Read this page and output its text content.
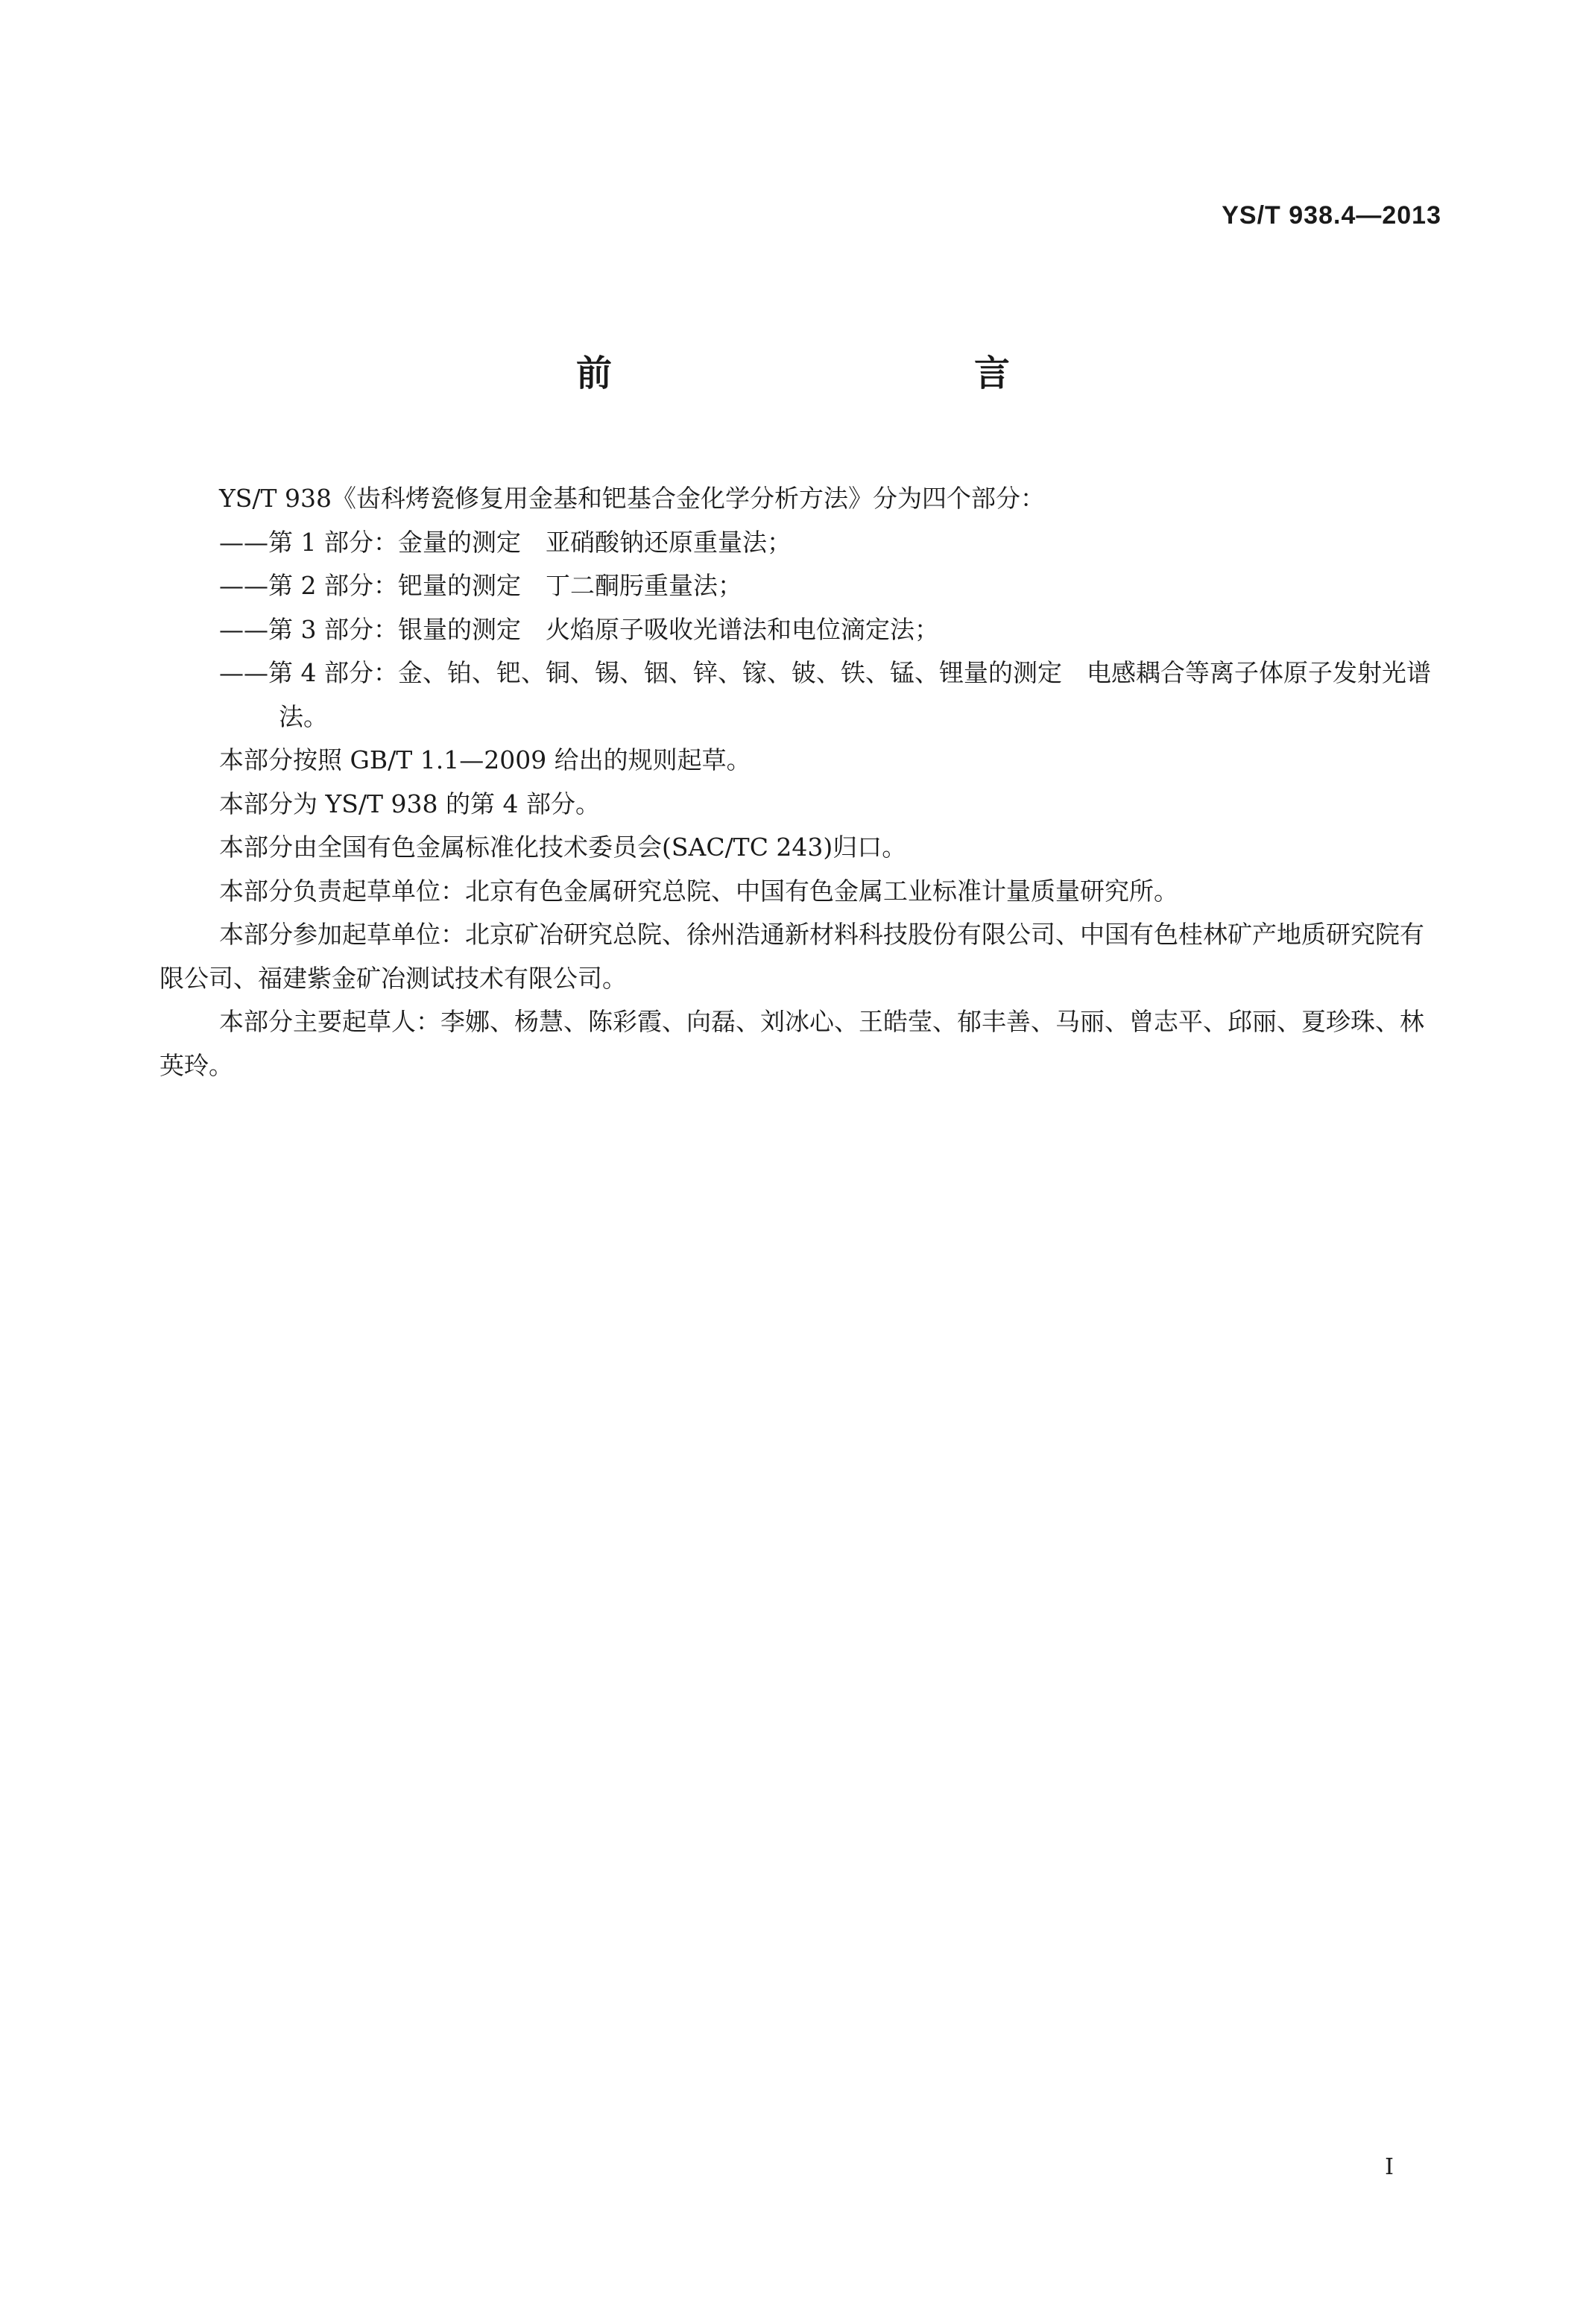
YS/T 938.4—2013
前　　言

YS/T 938《齿科烤瓷修复用金基和钯基合金化学分析方法》分为四个部分：

——第 1 部分：金量的测定　亚硝酸钠还原重量法；

——第 2 部分：钯量的测定　丁二酮肟重量法；

——第 3 部分：银量的测定　火焰原子吸收光谱法和电位滴定法；

——第 4 部分：金、铂、钯、铜、锡、铟、锌、镓、铍、铁、锰、锂量的测定　电感耦合等离子体原子发射光谱法。

本部分按照 GB/T 1.1—2009 给出的规则起草。

本部分为 YS/T 938 的第 4 部分。

本部分由全国有色金属标准化技术委员会(SAC/TC 243)归口。

本部分负责起草单位：北京有色金属研究总院、中国有色金属工业标准计量质量研究所。

本部分参加起草单位：北京矿冶研究总院、徐州浩通新材料科技股份有限公司、中国有色桂林矿产地质研究院有限公司、福建紫金矿冶测试技术有限公司。

本部分主要起草人：李娜、杨慧、陈彩霞、向磊、刘冰心、王皓莹、郁丰善、马丽、曾志平、邱丽、夏珍珠、林英玲。

I
